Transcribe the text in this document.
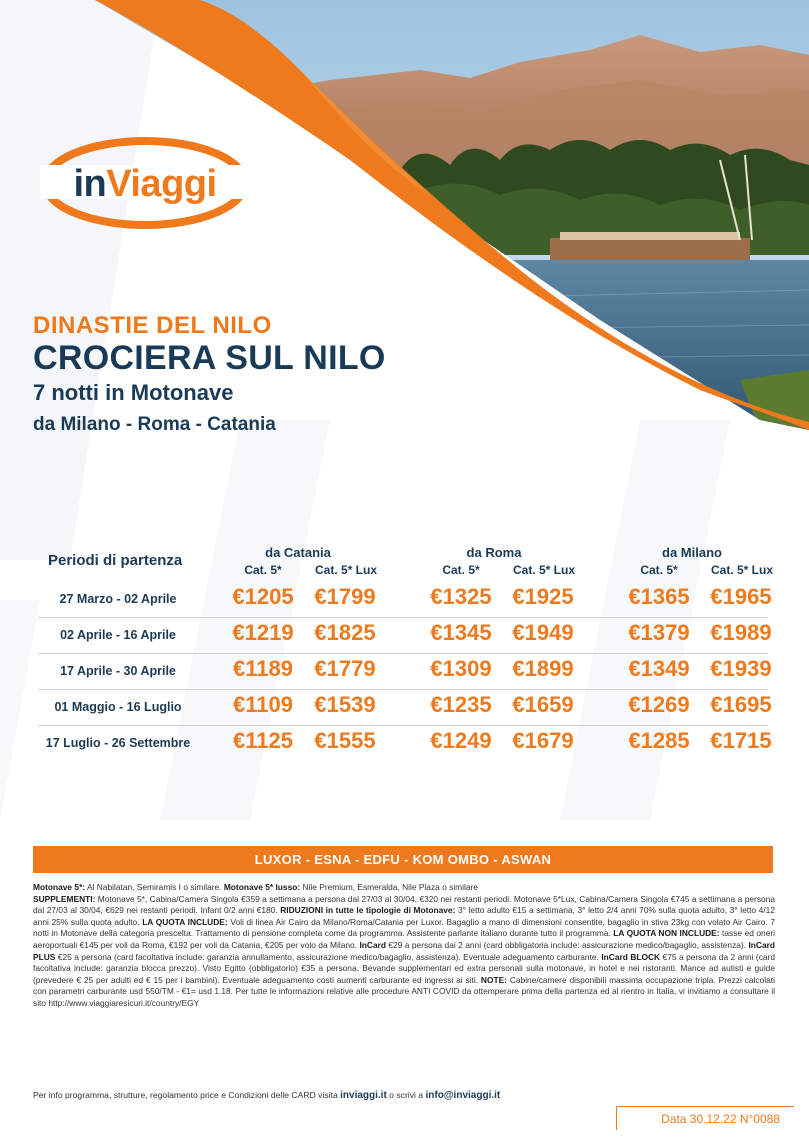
inViaggi
DINASTIE DEL NILO
CROCIERA SUL NILO
7 notti in Motonave
da Milano - Roma - Catania
Periodi di partenza	da Catania	da Roma	da Milano
Cat. 5*	Cat. 5* Lux	Cat. 5*	Cat. 5* Lux	Cat. 5*	Cat. 5* Lux
27 Marzo - 02 Aprile	€1205 €1799	€1325 €1925	€1365 €1965
02 Aprile - 16 Aprile	€1219 €1825	€1345 €1949	€1379 €1989
17 Aprile - 30 Aprile	€1189 €1779	€1309 €1899	€1349 €1939
01 Maggio - 16 Luglio	€1109 €1539	€1235 €1659	€1269 €1695
17 Luglio - 26 Settembre	€1125 €1555	€1249 €1679	€1285 €1715
LUXOR - ESNA - EDFU - KOM OMBO - ASWAN
Motonave 5*: Al Nabilatan, Semiramis I o similare. Motonave 5* lusso: Nile Premium, Esmeralda, Nile Plaza o similare
SUPPLEMENTI: Motonave 5*, Cabina/Camera Singola €359 a settimana a persona dal 27/03 al 30/04, €320 nei restanti periodi. Motonave 5*Lux, Cabina/Camera Singola €745 a settimana a persona dal 27/03 al 30/04, €629 nei restanti periodi. Infant 0/2 anni €180. RIDUZIONI in tutte le tipologie di Motonave: 3° letto adulto €15 a settimana, 3° letto 2/4 anni 70% sulla quota adulto, 3° letto 4/12 anni 25% sulla quota adulto. LA QUOTA INCLUDE: Voli di linea Air Cairo da Milano/Roma/Catania per Luxor. Bagaglio a mano di dimensioni consentite, bagaglio in stiva 23kg con volato Air Cairo. 7 notti in Motonave della categoria prescelta. Trattamento di pensione completa come da programma. Assistente parlante italiano durante tutto il programma. LA QUOTA NON INCLUDE: tasse ed oneri aeroportuali €145 per voli da Roma, €192 per voli da Catania, €205 per volo da Milano. InCard €29 a persona dai 2 anni (card obbligatoria include: assicurazione medico/bagaglio, assistenza). InCard PLUS €25 a persona (card facoltativa include: garanzia annullamento, assicurazione medico/bagaglio, assistenza). Eventuale adeguamento carburante. InCard BLOCK €75 a persona da 2 anni (card facoltativa include: garanzia blocca prezzo). Visto Egitto (obbligatorio) €35 a persona. Bevande supplementari ed extra personali sulla motonave, in hotel e nei ristoranti. Mance ad autisti e guide (prevedere € 25 per adulti ed € 15 per i bambini). Eventuale adeguamento costi aumenti carburante ed ingressi ai siti. NOTE: Cabine/camere disponibili massima occupazione tripla. Prezzi calcolati con parametri carburante usd 550/TM - €1= usd 1.18. Per tutte le informazioni relative alle procedure ANTI COVID da ottemperare prima della partenza ed al rientro in Italia, vi invitiamo a consultare il sito http://www.viaggiaresicuri.it/country/EGY
Per info programma, strutture, regolamento price e Condizioni delle CARD visita inviaggi.it o scrivi a info@inviaggi.it
Data 30.12.22 N°0088
